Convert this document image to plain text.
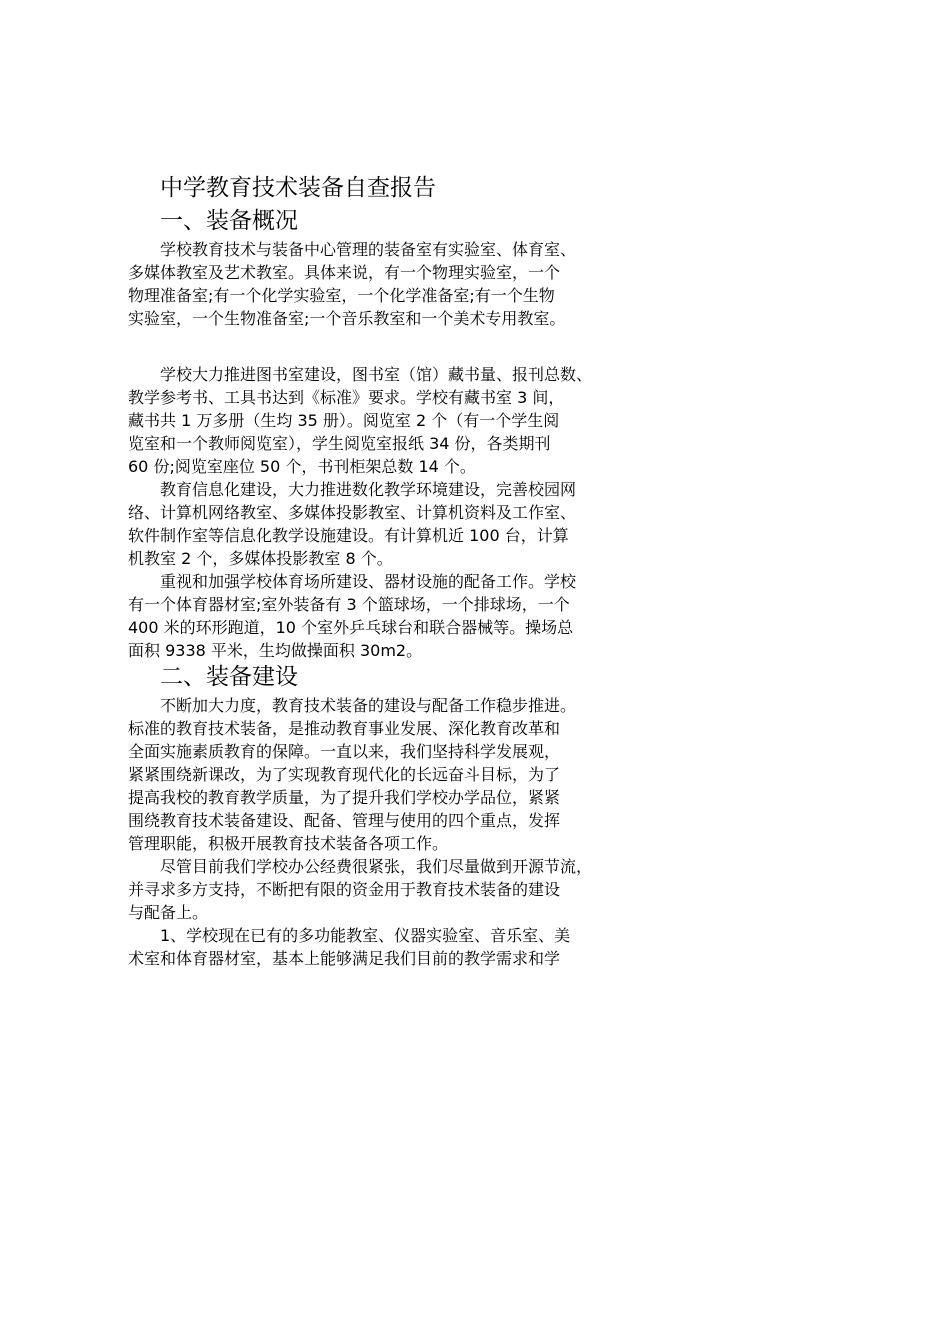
中学教育技术装备自查报告
一、装备概况
学校教育技术与装备中心管理的装备室有实验室、体育室、
多媒体教室及艺术教室。具体来说，有一个物理实验室，一个
物理准备室;有一个化学实验室，一个化学准备室;有一个生物
实验室，一个生物准备室;一个音乐教室和一个美术专用教室。
学校大力推进图书室建设，图书室（馆）藏书量、报刊总数、
教学参考书、工具书达到《标准》要求。学校有藏书室 3 间，
藏书共 1 万多册（生均 35 册）。阅览室 2 个（有一个学生阅
览室和一个教师阅览室），学生阅览室报纸 34 份，各类期刊
60 份;阅览室座位 50 个，书刊柜架总数 14 个。
教育信息化建设，大力推进数化教学环境建设，完善校园网
络、计算机网络教室、多媒体投影教室、计算机资料及工作室、
软件制作室等信息化教学设施建设。有计算机近 100 台，计算
机教室 2 个，多媒体投影教室 8 个。
重视和加强学校体育场所建设、器材设施的配备工作。学校
有一个体育器材室;室外装备有 3 个篮球场，一个排球场，一个
400 米的环形跑道，10 个室外乒乓球台和联合器械等。操场总
面积 9338 平米，生均做操面积 30m2。
二、装备建设
不断加大力度，教育技术装备的建设与配备工作稳步推进。
标准的教育技术装备，是推动教育事业发展、深化教育改革和
全面实施素质教育的保障。一直以来，我们坚持科学发展观，
紧紧围绕新课改，为了实现教育现代化的长远奋斗目标，为了
提高我校的教育教学质量，为了提升我们学校办学品位，紧紧
围绕教育技术装备建设、配备、管理与使用的四个重点，发挥
管理职能，积极开展教育技术装备各项工作。
尽管目前我们学校办公经费很紧张，我们尽量做到开源节流，
并寻求多方支持，不断把有限的资金用于教育技术装备的建设
与配备上。
1、学校现在已有的多功能教室、仪器实验室、音乐室、美
术室和体育器材室，基本上能够满足我们目前的教学需求和学
